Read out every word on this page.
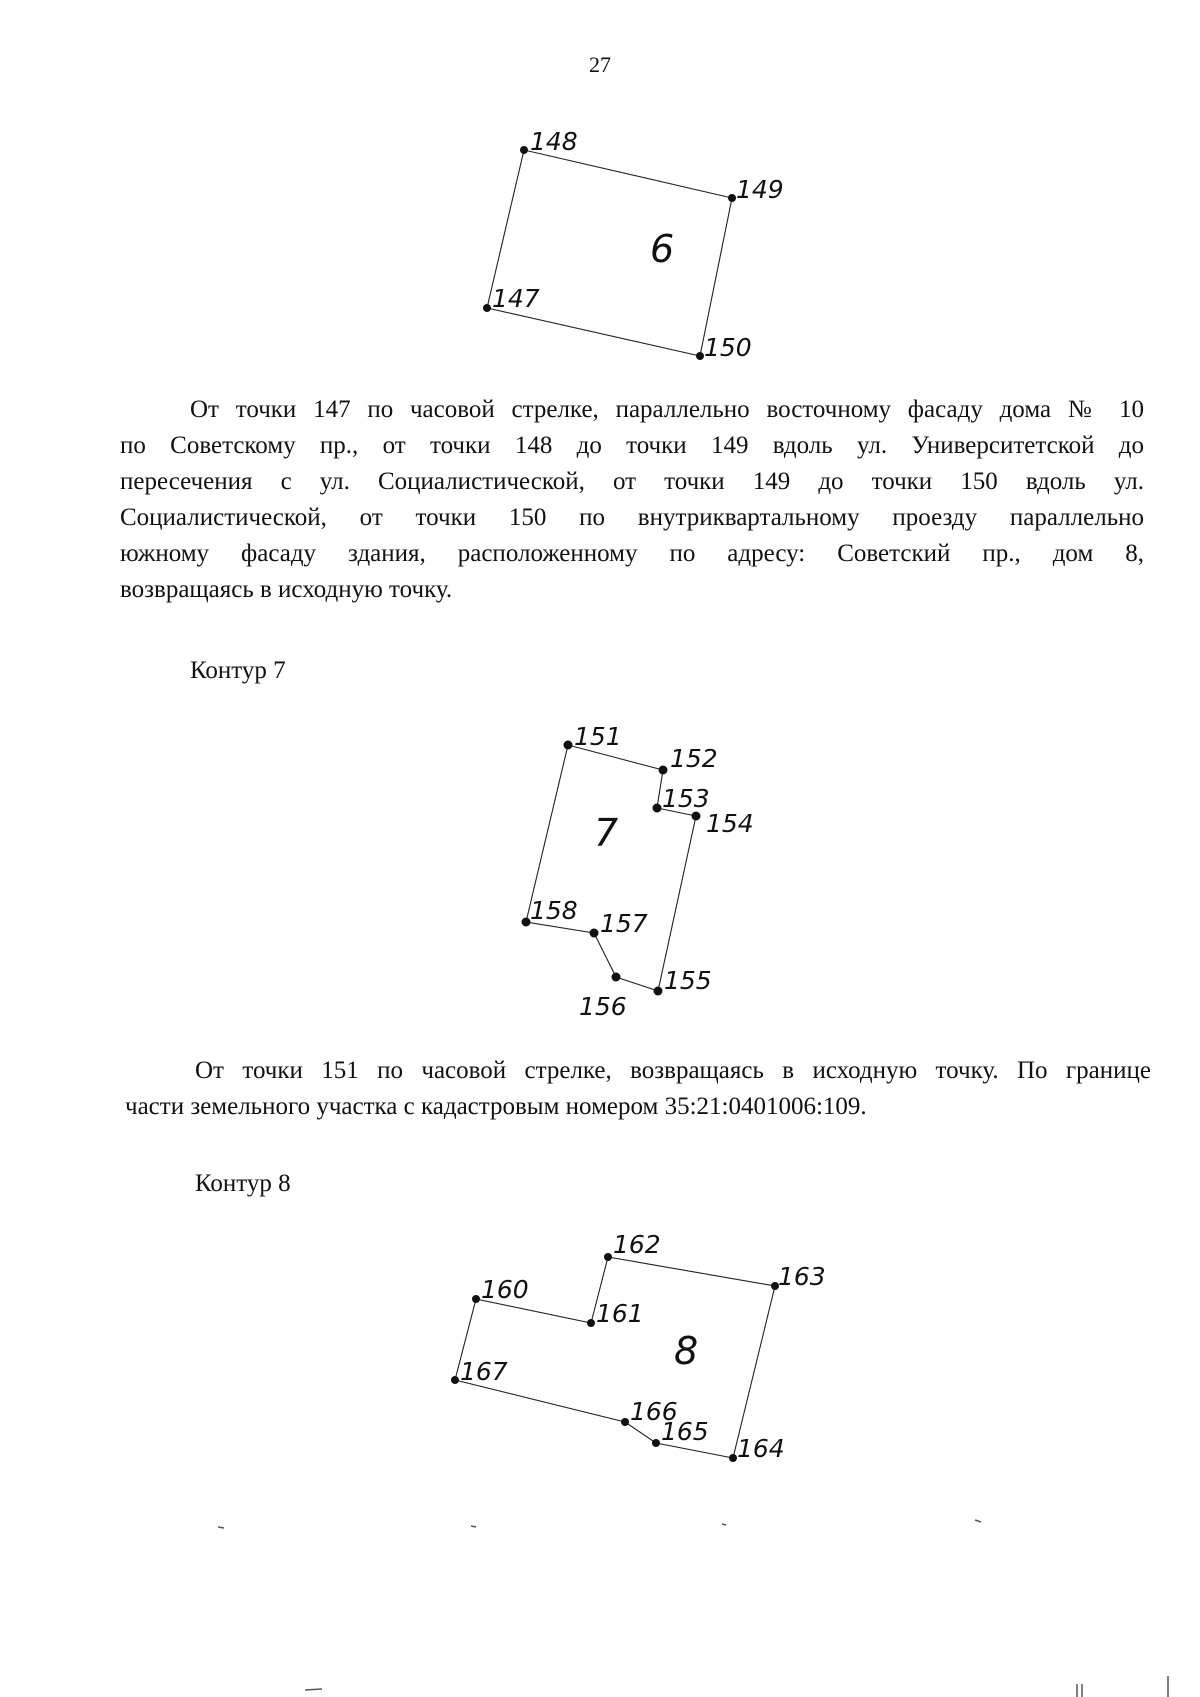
27
148
149
150
147
6

От точки 147 по часовой стрелке, параллельно восточному фасаду дома № 10
по Советскому пр., от точки 148 до точки 149 вдоль ул. Университетской до
пересечения с ул. Социалистической, от точки 149 до точки 150 вдоль ул.
Социалистической, от точки 150 по внутриквартальному проезду параллельно
южному фасаду здания, расположенному по адресу: Советский пр., дом 8,
возвращаясь в исходную точку.

Контур 7
151
152
153
154
155
156
157
158
7

От точки 151 по часовой стрелке, возвращаясь в исходную точку. По границе
части земельного участка с кадастровым номером 35:21:0401006:109.

Контур 8
162
163
164
165
166
167
160
161
8
